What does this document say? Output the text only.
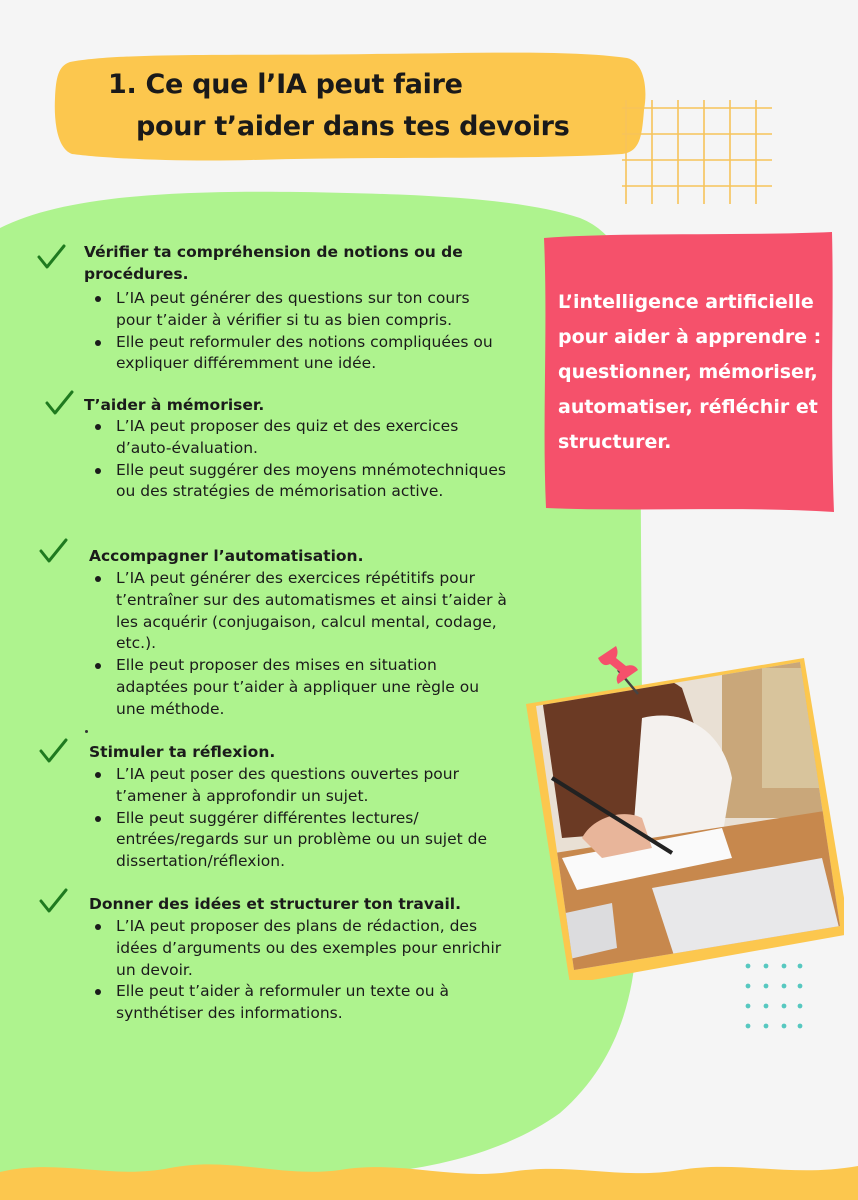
1. Ce que l’IA peut faire
pour t’aider dans tes devoirs
L’intelligence artificielle pour aider à apprendre : questionner, mémoriser, automatiser, réfléchir et structurer.
Vérifier ta compréhension de notions ou de procédures.
L’IA peut générer des questions sur ton cours pour t’aider à vérifier si tu as bien compris.
Elle peut reformuler des notions compliquées ou expliquer différemment une idée.
T’aider à mémoriser.
L’IA peut proposer des quiz et des exercices d’auto-évaluation.
Elle peut suggérer des moyens mnémotechniques ou des stratégies de mémorisation active.
Accompagner l’automatisation.
L’IA peut générer des exercices répétitifs pour t’entraîner sur des automatismes et ainsi t’aider à les acquérir (conjugaison, calcul mental, codage, etc.).
Elle peut proposer des mises en situation adaptées pour t’aider à appliquer une règle ou une méthode.
Stimuler ta réflexion.
L’IA peut poser des questions ouvertes pour t’amener à approfondir un sujet.
Elle peut suggérer différentes lectures/ entrées/regards sur un problème ou un sujet de dissertation/réflexion.
Donner des idées et structurer ton travail.
L’IA peut proposer des plans de rédaction, des idées d’arguments ou des exemples pour enrichir un devoir.
Elle peut t’aider à reformuler un texte ou à synthétiser des informations.
